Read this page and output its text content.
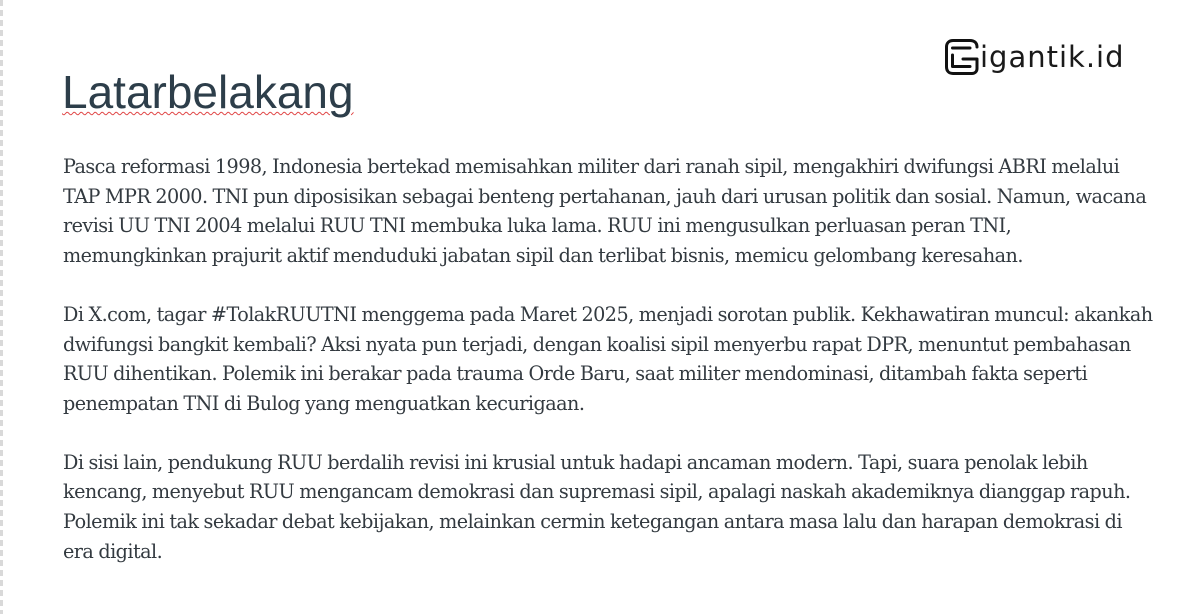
igantik.id
Latarbelakang

Pasca reformasi 1998, Indonesia bertekad memisahkan militer dari ranah sipil, mengakhiri dwifungsi ABRI melalui TAP MPR 2000. TNI pun diposisikan sebagai benteng pertahanan, jauh dari urusan politik dan sosial. Namun, wacana revisi UU TNI 2004 melalui RUU TNI membuka luka lama. RUU ini mengusulkan perluasan peran TNI, memungkinkan prajurit aktif menduduki jabatan sipil dan terlibat bisnis, memicu gelombang keresahan.

Di X.com, tagar #TolakRUUTNI menggema pada Maret 2025, menjadi sorotan publik. Kekhawatiran muncul: akankah dwifungsi bangkit kembali? Aksi nyata pun terjadi, dengan koalisi sipil menyerbu rapat DPR, menuntut pembahasan RUU dihentikan. Polemik ini berakar pada trauma Orde Baru, saat militer mendominasi, ditambah fakta seperti penempatan TNI di Bulog yang menguatkan kecurigaan.

Di sisi lain, pendukung RUU berdalih revisi ini krusial untuk hadapi ancaman modern. Tapi, suara penolak lebih kencang, menyebut RUU mengancam demokrasi dan supremasi sipil, apalagi naskah akademiknya dianggap rapuh. Polemik ini tak sekadar debat kebijakan, melainkan cermin ketegangan antara masa lalu dan harapan demokrasi di era digital.
